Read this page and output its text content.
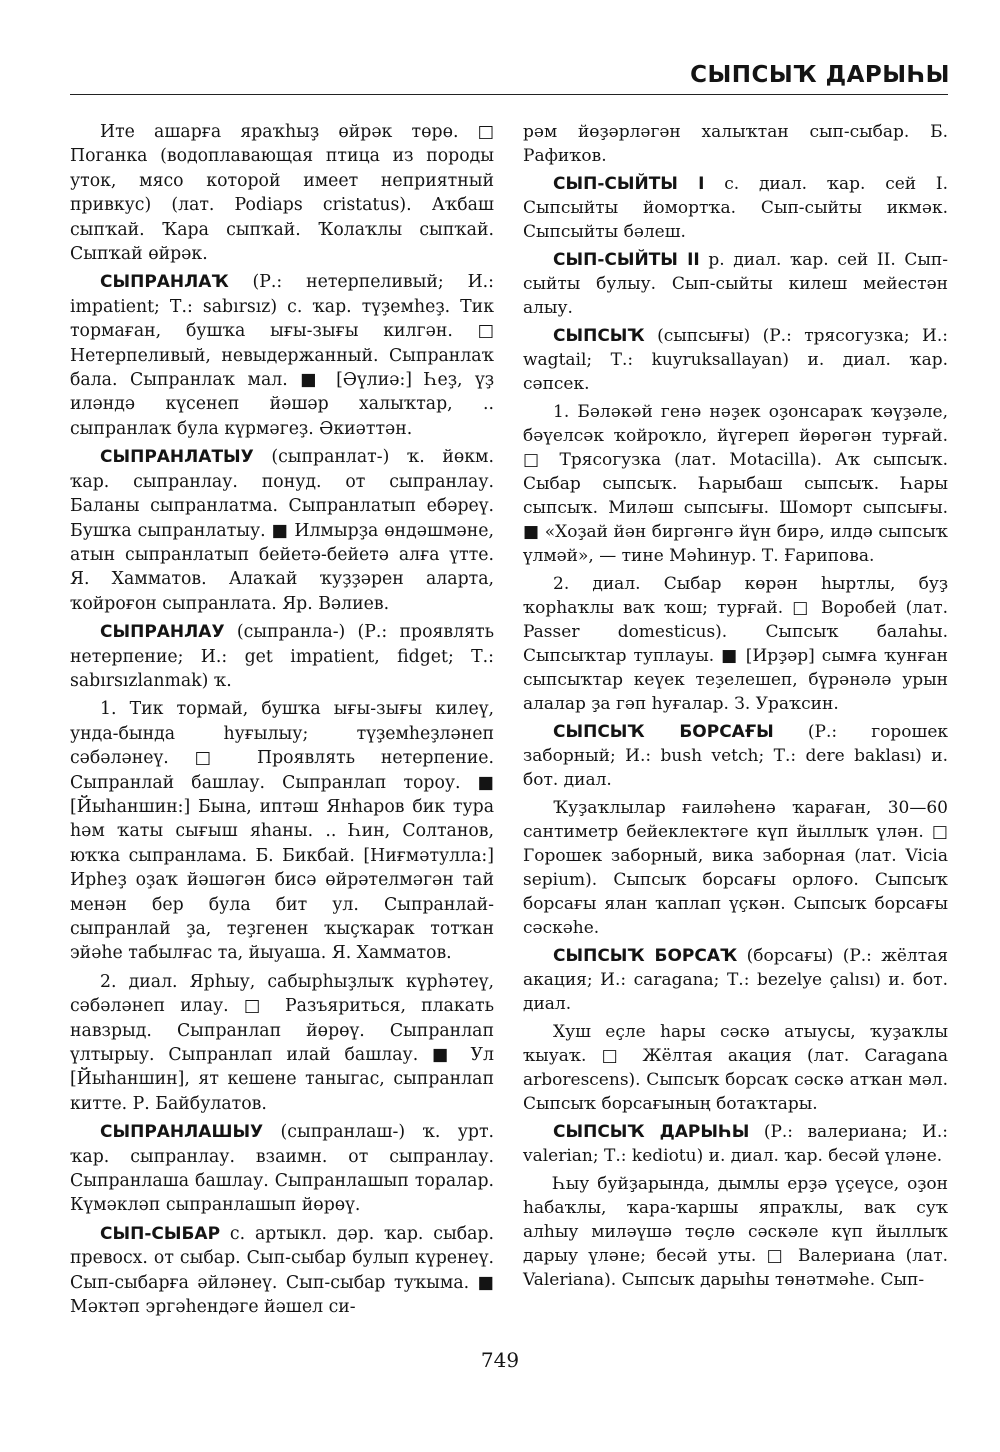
СЫПСЫҠ ДАРЫҺЫ

Ите ашарға яраҡһыҙ өйрәк төрө. □ Поганка (водоплавающая птица из породы уток, мясо которой имеет неприятный привкус) (лат. Podiaps cristatus). Аҡбаш сыпҡай. Ҡара сыпҡай. Ҡолаҡлы сыпҡай. Сыпҡай өйрәк.

СЫПРАНЛАҠ (Р.: нетерпеливый; И.: impatient; Т.: sabırsız) с. ҡар. түҙемһеҙ. Тик тормаған, бушҡа ығы-зығы килгән. □ Нетерпеливый, невыдержанный. Сыпранлаҡ бала. Сыпранлаҡ мал. ■ [Әүлиә:] Һеҙ, үҙ иләндә күсенеп йәшәр халыҡтар, .. сыпранлаҡ була күрмәгеҙ. Әкиәттән.

СЫПРАНЛАТЫУ (сыпранлат-) ҡ. йөкм. ҡар. сыпранлау. понуд. от сыпранлау. Баланы сыпранлатма. Сыпранлатып ебәреү. Бушҡа сыпранлатыу. ■ Илмырҙа өндәшмәне, атын сыпранлатып бейетә-бейетә алға үтте. Я. Хамматов. Алаҡай ҡуҙҙәрен аларта, ҡойроғон сыпранлата. Яр. Вәлиев.

СЫПРАНЛАУ (сыпранла-) (Р.: проявлять нетерпение; И.: get impatient, fidget; Т.: sabırsızlanmak) ҡ.

1. Тик тормай, бушҡа ығы-зығы килеү, унда-бында һуғылыу; түҙемһеҙләнеп сәбәләнеү. □ Проявлять нетерпение. Сыпранлай башлау. Сыпранлап тороу. ■ [Йыһаншин:] Бына, иптәш Янһаров бик тура һәм ҡаты сығыш яһаны. .. Һин, Солтанов, юҡҡа сыпранлама. Б. Бикбай. [Ниғмәтулла:] Ирһеҙ оҙаҡ йәшәгән бисә өйрәтелмәгән тай менән бер була бит ул. Сыпранлай-сыпранлай ҙа, теҙгенен ҡыҫҡарак тотҡан эйәһе табылғас та, йыуаша. Я. Хамматов.

2. диал. Ярһыу, сабырһыҙлыҡ күрһәтеү, сәбәләнеп илау. □ Разъяриться, плакать навзрыд. Сыпранлап йөрөү. Сыпранлап үлтырыу. Сыпранлап илай башлау. ■ Ул [Йыһаншин], ят кешене таныгас, сыпранлап китте. Р. Байбулатов.

СЫПРАНЛАШЫУ (сыпранлаш-) ҡ. урт. ҡар. сыпранлау. взаимн. от сыпранлау. Сыпранлаша башлау. Сыпранлашып торалар. Күмәкләп сыпранлашып йөрөү.

СЫП-СЫБАР с. артыкл. дәр. ҡар. сыбар. превосх. от сыбар. Сып-сыбар булып күренеү. Сып-сыбарға әйләнеү. Сып-сыбар туҡыма. ■ Мәктәп эргәһендәге йәшел си-

рәм йөҙәрләгән халыҡтан сып-сыбар. Б. Рафиҡов.

СЫП-СЫЙТЫ I с. диал. ҡар. сей I. Сыпсыйты йомортҡа. Сып-сыйты икмәк. Сыпсыйты бәлеш.

СЫП-СЫЙТЫ II р. диал. ҡар. сей II. Сып-сыйты булыу. Сып-сыйты килеш мейестән алыу.

СЫПСЫҠ (сыпсығы) (Р.: трясогузка; И.: wagtail; Т.: kuyruksallayan) и. диал. ҡар. сәпсек.

1. Бәләкәй генә нәҙек оҙонсараҡ ҡәүҙәле, бәүелсәк ҡойроҡло, йүгереп йөрөгән турғай. □ Трясогузка (лат. Motacilla). Аҡ сыпсыҡ. Сыбар сыпсыҡ. Һарыбаш сыпсыҡ. Һары сыпсыҡ. Миләш сыпсығы. Шоморт сыпсығы. ■ «Хоҙай йән биргәнгә йүн бирә, илдә сыпсыҡ үлмәй», — тине Мәһинур. Т. Ғарипова.

2. диал. Сыбар көрән һыртлы, буҙ ҡорһаҡлы ваҡ ҡош; турғай. □ Воробей (лат. Passer domesticus). Сыпсыҡ балаһы. Сыпсыҡтар туплауы. ■ [Ирҙәр] сымға ҡунған сыпсыҡтар кеүек теҙелешеп, бүрәнәлә урын алалар ҙа гәп һуғалар. З. Ураҡсин.

СЫПСЫҠ БОРСАҒЫ (Р.: горошек заборный; И.: bush vetch; Т.: dere baklası) и. бот. диал.

Ҡуҙаҡлылар ғаиләһенә ҡараған, 30—60 сантиметр бейеклектәге күп йыллыҡ үлән. □ Горошек заборный, вика заборная (лат. Vicia sepium). Сыпсыҡ борсағы орлоғо. Сыпсыҡ борсағы ялан ҡаплап үҫкән. Сыпсыҡ борсағы сәскәһе.

СЫПСЫҠ БОРСАҠ (борсағы) (Р.: жёлтая акация; И.: caragana; Т.: bezelye çalısı) и. бот. диал.

Хуш еҫле һары сәскә атыусы, ҡуҙаҡлы ҡыуаҡ. □ Жёлтая акация (лат. Caragana arborescens). Сыпсыҡ борсаҡ сәскә атҡан мәл. Сыпсыҡ борсағының ботаҡтары.

СЫПСЫҠ ДАРЫҺЫ (Р.: валериана; И.: valerian; Т.: kediotu) и. диал. ҡар. бесәй үләне.

Һыу буйҙарында, дымлы ерҙә үҫеүсе, оҙон һабаҡлы, ҡара-ҡаршы япраҡлы, ваҡ суҡ алһыу миләүшә төҫлө сәскәле күп йыллыҡ дарыу үләне; бесәй уты. □ Валериана (лат. Valeriana). Сыпсыҡ дарыһы төнәтмәһе. Сып-

749
